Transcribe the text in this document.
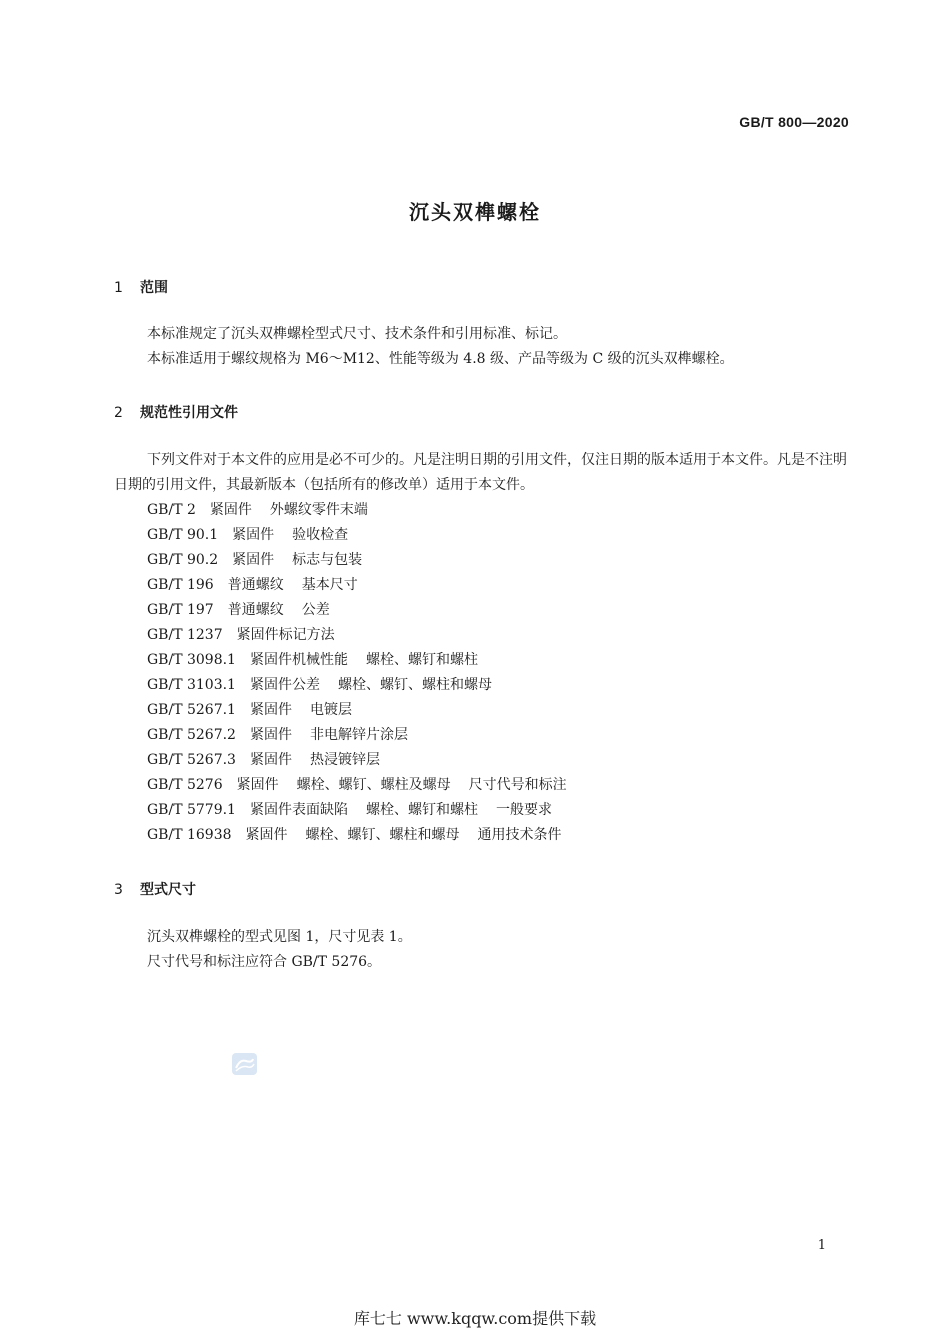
GB/T 800—2020
沉头双榫螺栓
1 范围
本标准规定了沉头双榫螺栓型式尺寸、技术条件和引用标准、标记。
本标准适用于螺纹规格为 M6～M12、性能等级为 4.8 级、产品等级为 C 级的沉头双榫螺栓。
2 规范性引用文件
下列文件对于本文件的应用是必不可少的。凡是注明日期的引用文件，仅注日期的版本适用于本文件。凡是不注明日期的引用文件，其最新版本（包括所有的修改单）适用于本文件。
GB/T 2 紧固件 外螺纹零件末端
GB/T 90.1 紧固件 验收检查
GB/T 90.2 紧固件 标志与包装
GB/T 196 普通螺纹 基本尺寸
GB/T 197 普通螺纹 公差
GB/T 1237 紧固件标记方法
GB/T 3098.1 紧固件机械性能 螺栓、螺钉和螺柱
GB/T 3103.1 紧固件公差 螺栓、螺钉、螺柱和螺母
GB/T 5267.1 紧固件 电镀层
GB/T 5267.2 紧固件 非电解锌片涂层
GB/T 5267.3 紧固件 热浸镀锌层
GB/T 5276 紧固件 螺栓、螺钉、螺柱及螺母 尺寸代号和标注
GB/T 5779.1 紧固件表面缺陷 螺栓、螺钉和螺柱 一般要求
GB/T 16938 紧固件 螺栓、螺钉、螺柱和螺母 通用技术条件
3 型式尺寸
沉头双榫螺栓的型式见图 1，尺寸见表 1。
尺寸代号和标注应符合 GB/T 5276。
1
库七七 www.kqqw.com提供下载
